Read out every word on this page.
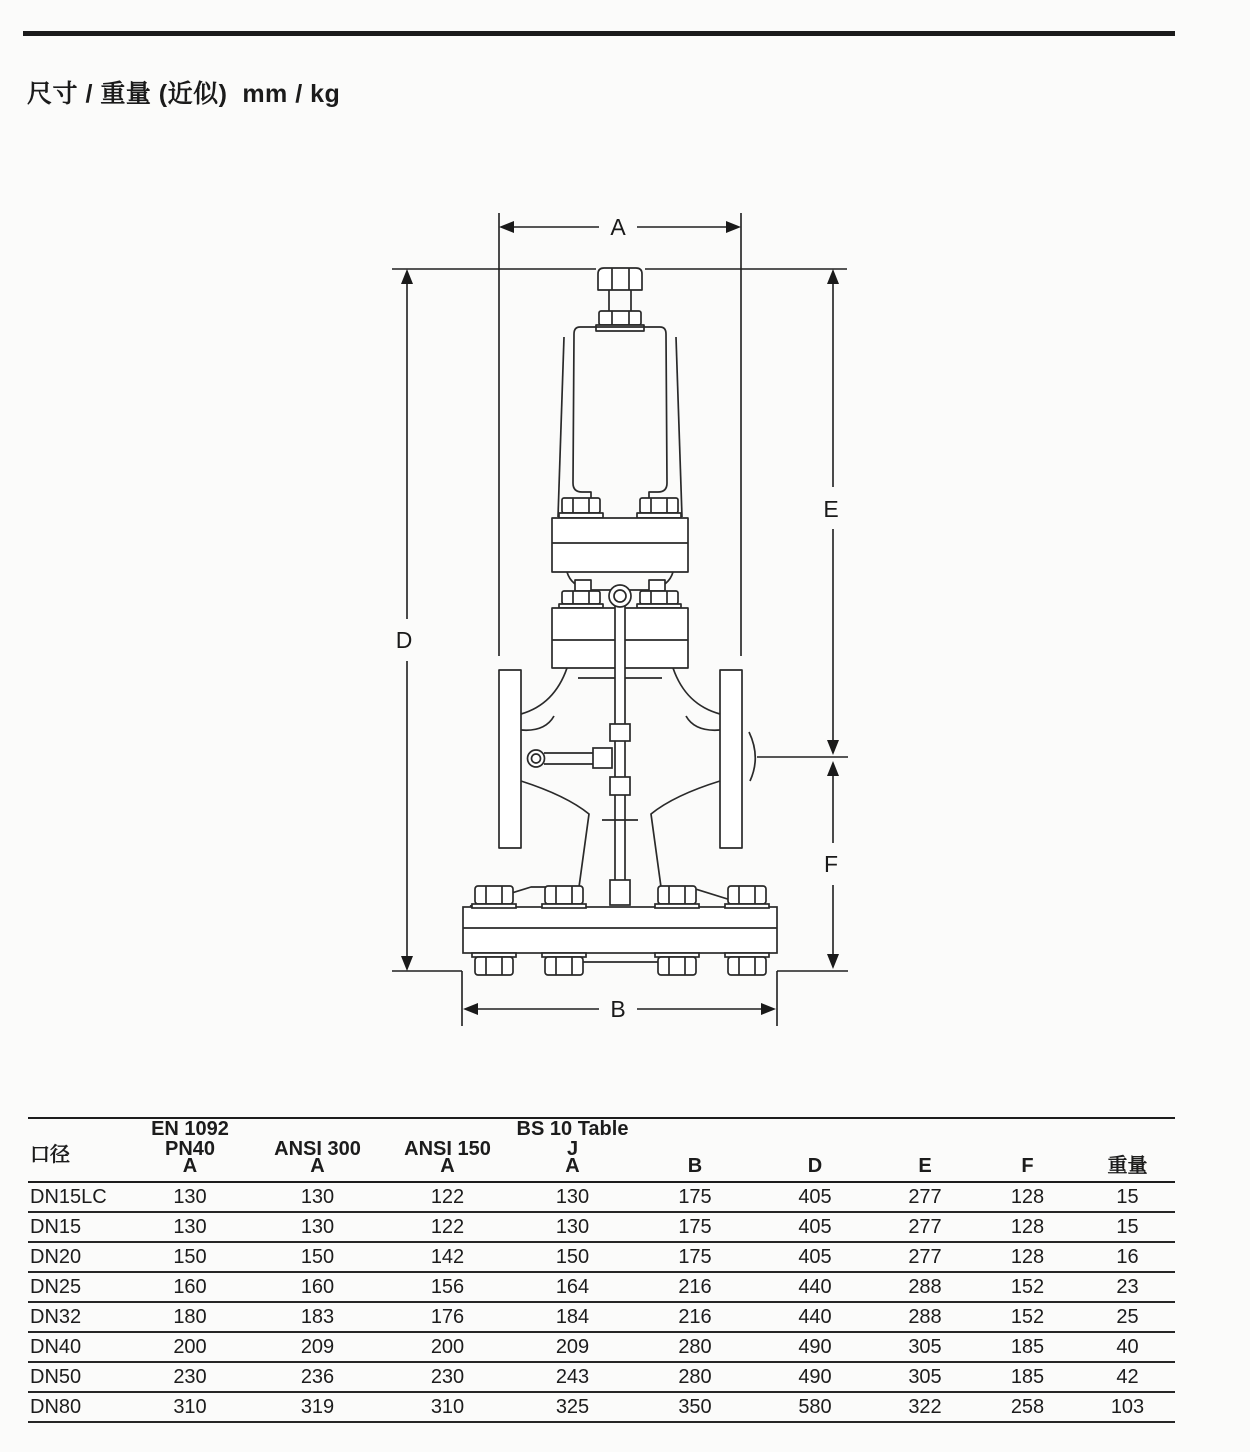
尺寸 / 重量 (近似)  mm / kg
A
D
E
F
B
口径
EN 1092 PN40	ANSI 300	ANSI 150
BS 10 Table J
A	A	A	A	B	D	E	F	重量
DN15LC	130	130	122	130	175	405	277	128	15
DN15	130	130	122	130	175	405	277	128	15
DN20	150	150	142	150	175	405	277	128	16
DN25	160	160	156	164	216	440	288	152	23
DN32	180	183	176	184	216	440	288	152	25
DN40	200	209	200	209	280	490	305	185	40
DN50	230	236	230	243	280	490	305	185	42
DN80	310	319	310	325	350	580	322	258	103
